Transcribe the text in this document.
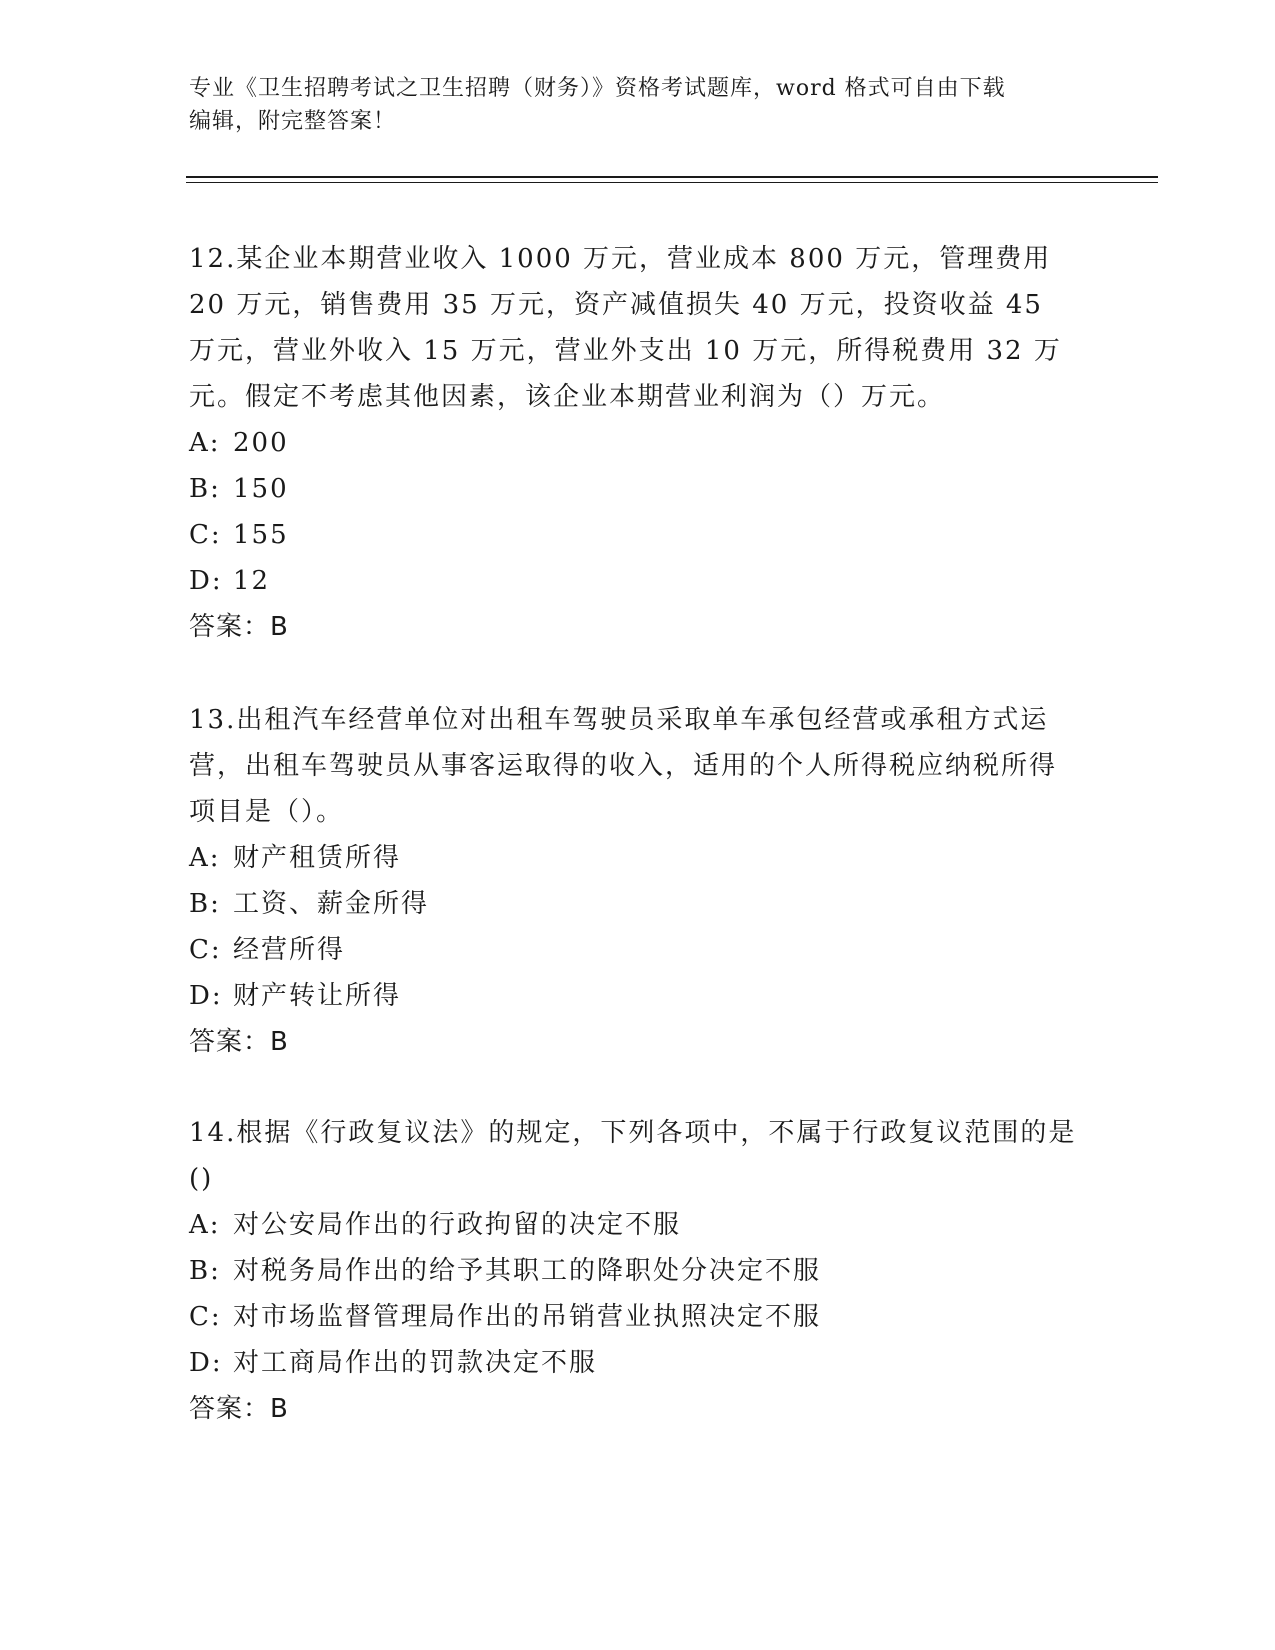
专业《卫生招聘考试之卫生招聘（财务）》资格考试题库，word 格式可自由下载

编辑，附完整答案！

12.某企业本期营业收入 1000 万元，营业成本 800 万元，管理费用 20 万元，销售费用 35 万元，资产减值损失 40 万元，投资收益 45 万元，营业外收入 15 万元，营业外支出 10 万元，所得税费用 32 万元。假定不考虑其他因素，该企业本期营业利润为（）万元。

A: 200

B: 150

C: 155

D: 12

答案：B

13.出租汽车经营单位对出租车驾驶员采取单车承包经营或承租方式运营，出租车驾驶员从事客运取得的收入，适用的个人所得税应纳税所得项目是（）。

A: 财产租赁所得

B: 工资、薪金所得

C: 经营所得

D: 财产转让所得

答案：B

14.根据《行政复议法》的规定，下列各项中，不属于行政复议范围的是()

A: 对公安局作出的行政拘留的决定不服

B: 对税务局作出的给予其职工的降职处分决定不服

C: 对市场监督管理局作出的吊销营业执照决定不服

D: 对工商局作出的罚款决定不服

答案：B
